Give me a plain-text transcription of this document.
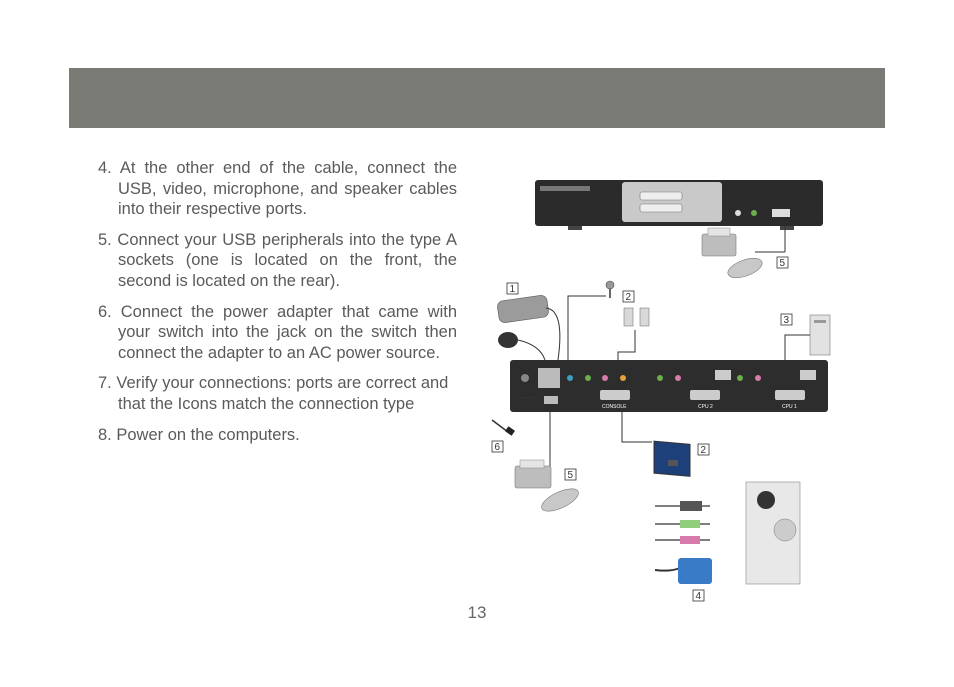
4. At the other end of the cable, connect the USB, video, microphone, and speaker cables into their respective ports.
5. Connect your USB peripherals into the type A sockets (one is located on the front, the second is located on the rear).
6. Connect the power adapter that came with your switch into the jack on the switch then connect the adapter to an AC power source.
7. Verify your connections: ports are correct and that the Icons match the connection type
8. Power on the computers.
5
1
2
3
CONSOLE	CPU 2	CPU 1
6
5
2
4
13
